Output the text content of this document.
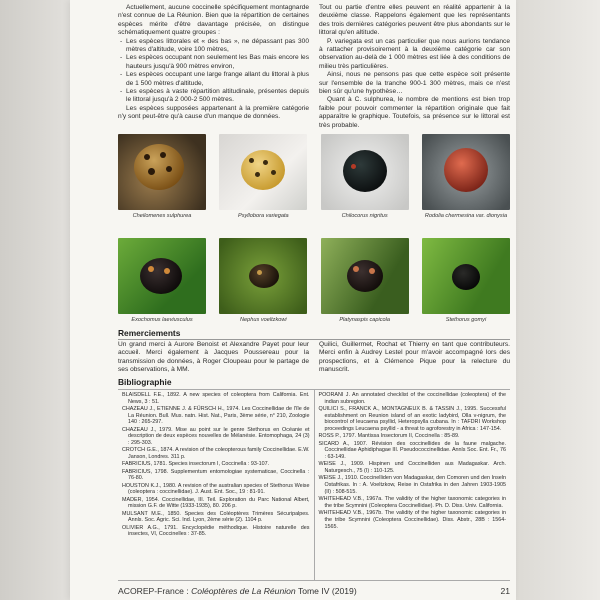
Actuellement, aucune coccinelle spécifiquement montagnarde n'est connue de La Réunion. Bien que la répartition de certaines espèces mérite d'être davantage précisée, on distingue schématiquement quatre groupes :

- Les espèces littorales et « des bas », ne dépassant pas 300 mètres d'altitude, voire 100 mètres,
- Les espèces occupant non seulement les Bas mais encore les hauteurs jusqu'à 900 mètres environ,
- Les espèces occupant une large frange allant du littoral à plus de 1 500 mètres d'altitude,
- Les espèces à vaste répartition altitudinale, présentes depuis le littoral jusqu'à 2 000-2 500 mètres.

Les espèces supposées appartenant à la première catégorie n'y sont peut-être qu'à cause d'un manque de données.

Tout ou partie d'entre elles peuvent en réalité appartenir à la deuxième classe. Rappelons également que les représentants des trois dernières catégories peuvent être plus abondants sur le littoral qu'en altitude.

P. variegata est un cas particulier que nous aurions tendance à rattacher provisoirement à la deuxième catégorie car son observation au-delà de 1 000 mètres est liée à des conditions de milieu très particulières.

Ainsi, nous ne pensons pas que cette espèce soit présente sur l'ensemble de la tranche 900-1 300 mètres, mais ce n'est bien sûr qu'une hypothèse…

Quant à C. sulphurea, le nombre de mentions est bien trop faible pour pouvoir commenter la répartition originale que fait apparaître le graphique. Toutefois, sa présence sur le littoral est très probable.

Cheilomenes sulphurea	Psyllobora variegata	Chilocorus nigritus	Rodolia chermesina var. dionysia
Exochomus laeviusculus	Nephus voeltzkowi	Platynaspis capicola	Stethorus gomyi
Remerciements
Un grand merci à Aurore Benoist et Alexandre Payet pour leur accueil. Merci également à Jacques Poussereau pour la transmission de données, à Roger Cloupeau pour le partage de ses observations, à MM.
Quilici, Guillermet, Rochat et Thierry en tant que contributeurs. Merci enfin à Audrey Lestel pour m'avoir accompagné lors des prospections, et à Clémence Pique pour la relecture du manuscrit.
Bibliographie

BLAISDELL F.E., 1892. A new species of coleoptera from California. Ent. News, 3 : 51.

CHAZEAU J., ETIENNE J. & FÜRSCH H., 1974. Les Coccinellidae de l'île de La Réunion. Bull. Mus. natn. Hist. Nat., Paris, 3ème série, n° 210, Zoologie 140 : 265-297.

CHAZEAU J., 1979. Mise au point sur le genre Stethorus en Océanie et description de deux espèces nouvelles de Mélanésie. Entomophaga, 24 (3) : 295-303.

CROTCH G.E., 1874. A revision of the coleopterous family Coccinellidae. E.W. Janson, Londres. 311 p.

FABRICIUS, 1781. Species insectorum I, Coccinella : 93-107.

FABRICIUS, 1798. Supplementum entomologiae systematicae, Coccinella : 76-80.

HOUSTON K.J., 1980. A revision of the australian species of Stethorus Weise (coleoptera : coccinellidae). J. Aust. Ent. Soc., 19 : 81-91.

MADER, 1954. Coccinellidae, III. Teil. Exploration du Parc National Albert, mission G.F. de Witte (1933-1935), 80. 206 p.

MULSANT M.E., 1850. Species des Coléoptères Trimères Sécuripalpes. Annls. Soc. Agric. Sci. Ind. Lyon, 2ème série (2). 1104 p.

OLIVIER A.G., 1791. Encyclopédie méthodique. Histoire naturelle des insectes, VI, Coccinelles : 37-85.

POORANI J. An annotated checklist of the coccinellidae (coleoptera) of the indian subregion.

QUILICI S., FRANCK A., MONTAGNEUX B. & TASSIN J., 1995. Successful establishment on Reunion island of an exotic ladybird, Olla v-nigrum, the biocontrol of leucaena psyllid, Heteropsylla cubana. In : TAFDRI Workshop proceedings Leucaena psyllid - a threat to agroforestry in Africa : 147-154.

ROSS P., 1797. Mantissa Insectorum II, Coccinella : 85-89.

SICARD A., 1907. Révision des coccinellides de la faune malgache. Coccinellidae Aphidiphagae III. Pseudococcinellidae. Annls Soc. Ent. Fr., 76 : 63-149.

WEISE J., 1909. Hispinen und Coccinelliden aus Madagaskar. Arch. Naturgesch., 75 (I) : 110-125.

WEISE J., 1910. Coccinelliden von Madagaskar, den Comoren und den Inseln Ostafrikas. In : A. Voeltzkow, Reise in Ostafrika in den Jahren 1903-1905 (II) : 508-515.

WHITEHEAD V.B., 1967a. The validity of the higher taxonomic categories in the tribe Scymnini (Coleoptera Coccinellidae). Ph. D. Diss. Univ. California.

WHITEHEAD V.B., 1967b. The validity of the higher taxonomic categories in the tribe Scymnini (Coleoptera Coccinellidae). Diss. Abstr., 28B : 1564-1565.

ACOREP-France : Coléoptères de La Réunion Tome IV (2019)	21
